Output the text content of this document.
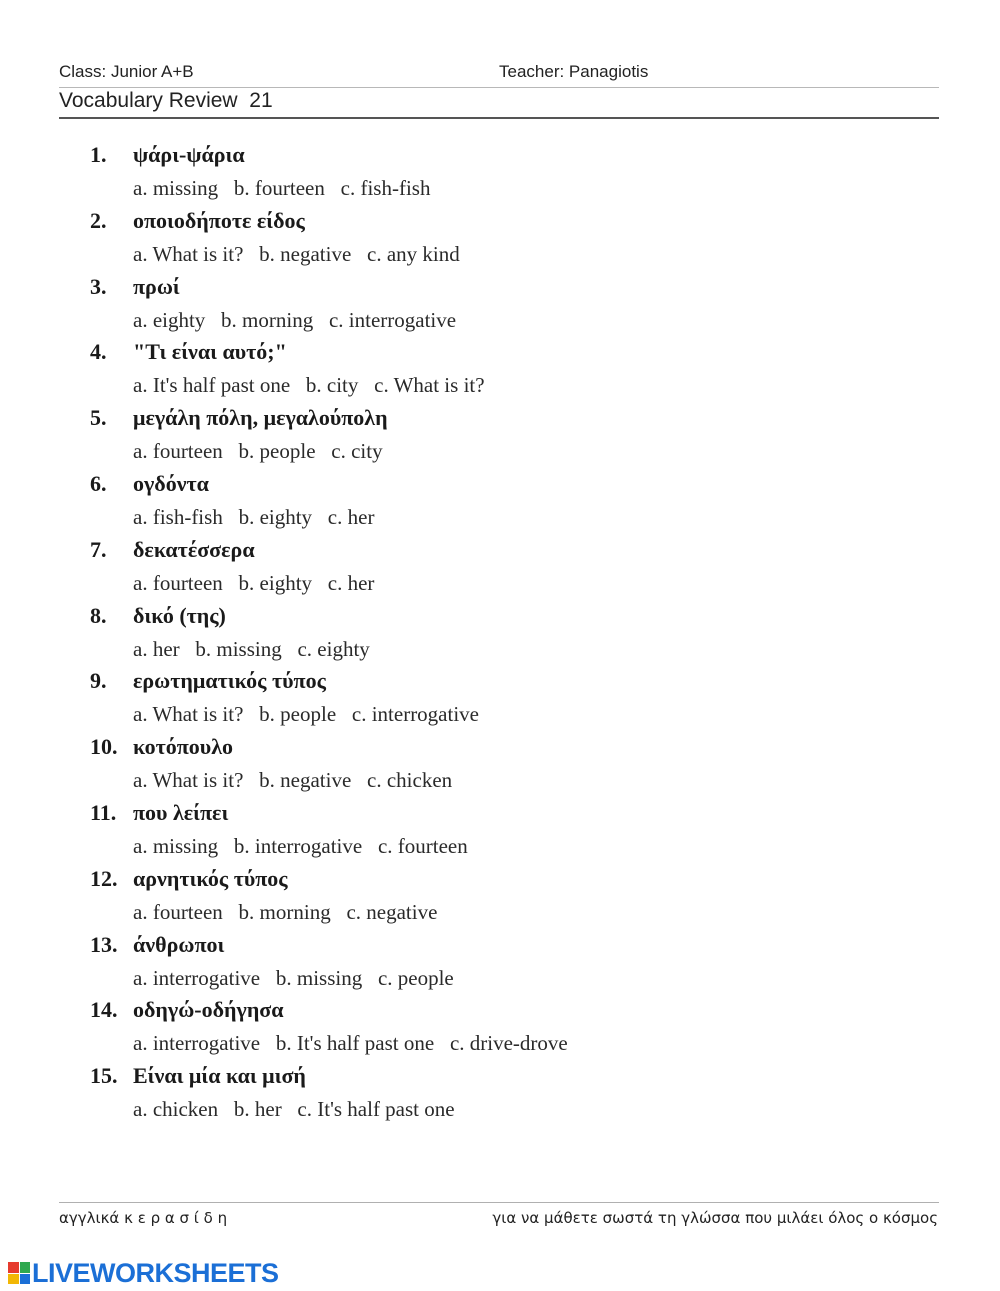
Class: Junior A+B	Teacher: Panagiotis
Vocabulary Review  21
1. ψάρι-ψάρια
a. missing   b. fourteen   c. fish-fish
2. οποιοδήποτε είδος
a. What is it?   b. negative   c. any kind
3. πρωί
a. eighty   b. morning   c. interrogative
4. "Τι είναι αυτό;"
a. It's half past one   b. city   c. What is it?
5. μεγάλη πόλη, μεγαλούπολη
a. fourteen   b. people   c. city
6. ογδόντα
a. fish-fish   b. eighty   c. her
7. δεκατέσσερα
a. fourteen   b. eighty   c. her
8. δικό (της)
a. her   b. missing   c. eighty
9. ερωτηματικός τύπος
a. What is it?   b. people   c. interrogative
10. κοτόπουλο
a. What is it?   b. negative   c. chicken
11. που λείπει
a. missing   b. interrogative   c. fourteen
12. αρνητικός τύπος
a. fourteen   b. morning   c. negative
13. άνθρωποι
a. interrogative   b. missing   c. people
14. οδηγώ-οδήγησα
a. interrogative   b. It's half past one   c. drive-drove
15. Είναι μία και μισή
a. chicken   b. her   c. It's half past one
αγγλικά κ ε ρ α σ ί δ η	για να μάθετε σωστά τη γλώσσα που μιλάει όλος ο κόσμος
LIVEWORKSHEETS
